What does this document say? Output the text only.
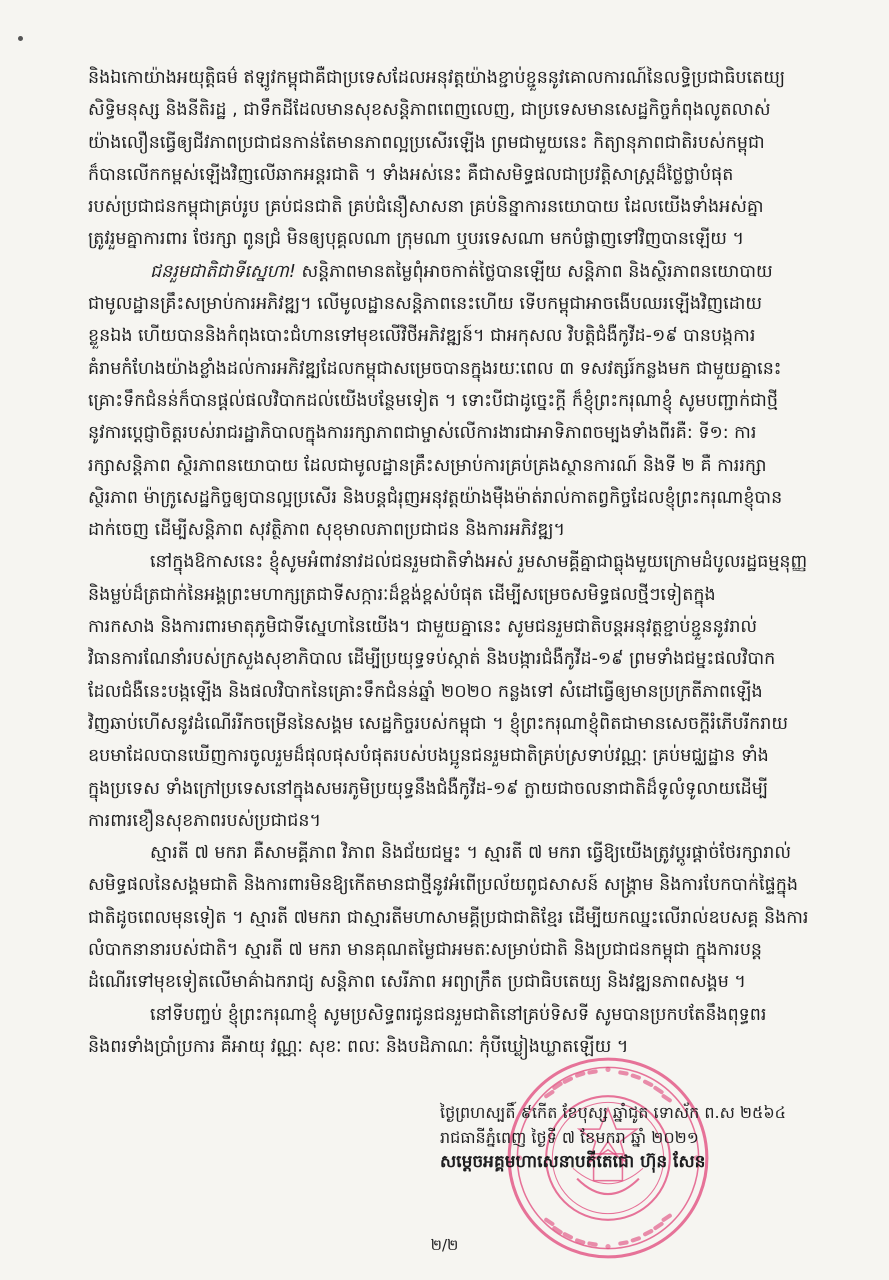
និងឯកោយ៉ាងអយុត្តិធម៌ ឥឡូវកម្ពុជាគឺជាប្រទេសដែលអនុវត្តយ៉ាងខ្ជាប់ខ្ជួននូវគោលការណ៍នៃលទ្ធិប្រជាធិបតេយ្យ
សិទ្ធិមនុស្ស និងនីតិរដ្ឋ , ជាទឹកដីដែលមានសុខសន្តិភាពពេញលេញ, ជាប្រទេសមានសេដ្ឋកិច្ចកំពុងលូតលាស់
យ៉ាងលឿនធ្វើឲ្យជីវភាពប្រជាជនកាន់តែមានភាពល្អប្រសើរឡើង ព្រមជាមួយនេះ កិត្យានុភាពជាតិរបស់កម្ពុជា
ក៏បានលើកកម្ពស់ឡើងវិញលើឆាកអន្តរជាតិ ។ ទាំងអស់នេះ គឺជាសមិទ្ធផលជាប្រវត្តិសាស្ត្រដ៏ថ្លៃថ្លាបំផុត
របស់ប្រជាជនកម្ពុជាគ្រប់រូប គ្រប់ជនជាតិ គ្រប់ជំនឿសាសនា គ្រប់និន្នាការនយោបាយ ដែលយើងទាំងអស់គ្នា
ត្រូវរួមគ្នាការពារ ថែរក្សា ពូនជ្រំ មិនឲ្យបុគ្គលណា ក្រុមណា ឬបរទេសណា មកបំផ្លាញទៅវិញបានឡើយ ។
ជនរួមជាតិជាទីស្នេហា! សន្តិភាពមានតម្លៃពុំអាចកាត់ថ្លៃបានឡើយ សន្តិភាព និងស្ថិរភាពនយោបាយ
ជាមូលដ្ឋានគ្រឹះសម្រាប់ការអភិវឌ្ឍ។ លើមូលដ្ឋានសន្តិភាពនេះហើយ ទើបកម្ពុជាអាចងើបឈរឡើងវិញដោយ
ខ្លួនឯង ហើយបាននិងកំពុងបោះជំហានទៅមុខលើវិថីអភិវឌ្ឍន៍។ ជាអកុសល វិបត្តិជំងឺកូវីដ-១៩ បានបង្កការ
គំរាមកំហែងយ៉ាងខ្លាំងដល់ការអភិវឌ្ឍដែលកម្ពុជាសម្រេចបានក្នុងរយៈពេល ៣ ទសវត្សរ៍កន្លងមក ជាមួយគ្នានេះ
គ្រោះទឹកជំនន់ក៏បានផ្តល់ផលវិបាកដល់យើងបន្ថែមទៀត ។ ទោះបីជាដូច្នេះក្តី ក៏ខ្ញុំព្រះករុណាខ្ញុំ សូមបញ្ជាក់ជាថ្មី
នូវការប្តេជ្ញាចិត្តរបស់រាជរដ្ឋាភិបាលក្នុងការរក្សាភាពជាម្ចាស់លើការងារជាអាទិភាពចម្បងទាំងពីរគឺ: ទី១: ការ
រក្សាសន្តិភាព ស្ថិរភាពនយោបាយ ដែលជាមូលដ្ឋានគ្រឹះសម្រាប់ការគ្រប់គ្រងស្ថានការណ៍ និងទី ២ គឺ ការរក្សា
ស្ថិរភាព ម៉ាក្រូសេដ្ឋកិច្ចឲ្យបានល្អប្រសើរ និងបន្តជំរុញអនុវត្តយ៉ាងម៉ឺងម៉ាត់រាល់កាតព្វកិច្ចដែលខ្ញុំព្រះករុណាខ្ញុំបាន
ដាក់ចេញ ដើម្បីសន្តិភាព សុវត្ថិភាព សុខុមាលភាពប្រជាជន និងការអភិវឌ្ឍ។
នៅក្នុងឱកាសនេះ ខ្ញុំសូមអំពាវនាវដល់ជនរួមជាតិទាំងអស់ រួមសាមគ្គីគ្នាជាធ្លុងមួយក្រោមដំបូលរដ្ឋធម្មនុញ្ញ
និងម្លប់ដ៏ត្រជាក់នៃអង្គព្រះមហាក្សត្រជាទីសក្ការៈដ៏ខ្ពង់ខ្ពស់បំផុត ដើម្បីសម្រេចសមិទ្ធផលថ្មីៗទៀតក្នុង
ការកសាង និងការពារមាតុភូមិជាទីស្នេហានៃយើង។ ជាមួយគ្នានេះ សូមជនរួមជាតិបន្តអនុវត្តខ្ជាប់ខ្ជួននូវរាល់
វិធានការណែនាំរបស់ក្រសួងសុខាភិបាល ដើម្បីប្រយុទ្ធទប់ស្កាត់ និងបង្ការជំងឺកូវីដ-១៩ ព្រមទាំងជម្នះផលវិបាក
ដែលជំងឺនេះបង្កឡើង និងផលវិបាកនៃគ្រោះទឹកជំនន់ឆ្នាំ ២០២០ កន្លងទៅ សំដៅធ្វើឲ្យមានប្រក្រតីភាពឡើង
វិញឆាប់ហើសនូវដំណើររីកចម្រើននៃសង្គម សេដ្ឋកិច្ចរបស់កម្ពុជា ។ ខ្ញុំព្រះករុណាខ្ញុំពិតជាមានសេចក្តីរំភើបរីករាយ
ឧបមាដែលបានឃើញការចូលរួមដ៏ផុលផុសបំផុតរបស់បងប្អូនជនរួមជាតិគ្រប់ស្រទាប់វណ្ណៈ គ្រប់មជ្ឈដ្ឋាន ទាំង
ក្នុងប្រទេស ទាំងក្រៅប្រទេសនៅក្នុងសមរភូមិប្រយុទ្ធនឹងជំងឺកូវីដ-១៩ ក្លាយជាចលនាជាតិដ៏ទូលំទូលាយដើម្បី
ការពារខឿនសុខភាពរបស់ប្រជាជន។
ស្មារតី ៧ មករា គឺសាមគ្គីភាព វិភាព និងជ័យជម្នះ ។ ស្មារតី ៧ មករា ធ្វើឱ្យយើងត្រូវប្តូរផ្តាច់ថែរក្សារាល់
សមិទ្ធផលនៃសង្គមជាតិ និងការពារមិនឱ្យកើតមានជាថ្មីនូវអំពើប្រល័យពូជសាសន៍ សង្គ្រាម និងការបែកបាក់ផ្ទៃក្នុង
ជាតិដូចពេលមុនទៀត ។ ស្មារតី ៧មករា ជាស្មារតីមហាសាមគ្គីប្រជាជាតិខ្មែរ ដើម្បីយកឈ្នះលើរាល់ឧបសគ្គ និងការ
លំបាកនានារបស់ជាតិ។ ស្មារតី ៧ មករា មានគុណតម្លៃជាអមតៈសម្រាប់ជាតិ និងប្រជាជនកម្ពុជា ក្នុងការបន្ត
ដំណើរទៅមុខទៀតលើមាគ៌ាឯករាជ្យ សន្តិភាព សេរីភាព អព្យាក្រឹត ប្រជាធិបតេយ្យ និងវឌ្ឍនភាពសង្គម ។
នៅទីបញ្ចប់ ខ្ញុំព្រះករុណាខ្ញុំ សូមប្រសិទ្ធពរជូនជនរួមជាតិនៅគ្រប់ទិសទី សូមបានប្រកបតែនឹងពុទ្ធពរ
និងពរទាំងប្រាំប្រការ គឺអាយុ វណ្ណៈ សុខៈ ពលៈ និងបដិភាណៈ កុំបីឃ្លៀងឃ្លាតឡើយ ។
ថ្ងៃព្រហស្បតិ៍ ៩កើត ខែបុស្ស ឆ្នាំជូត ទោស័ក ព.ស ២៥៦៤
រាជធានីភ្នំពេញ ថ្ងៃទី ៧ ខែមករា ឆ្នាំ ២០២១
សម្តេចអគ្គមហាសេនាបតីតេជោ ហ៊ុន សែន
២/២
